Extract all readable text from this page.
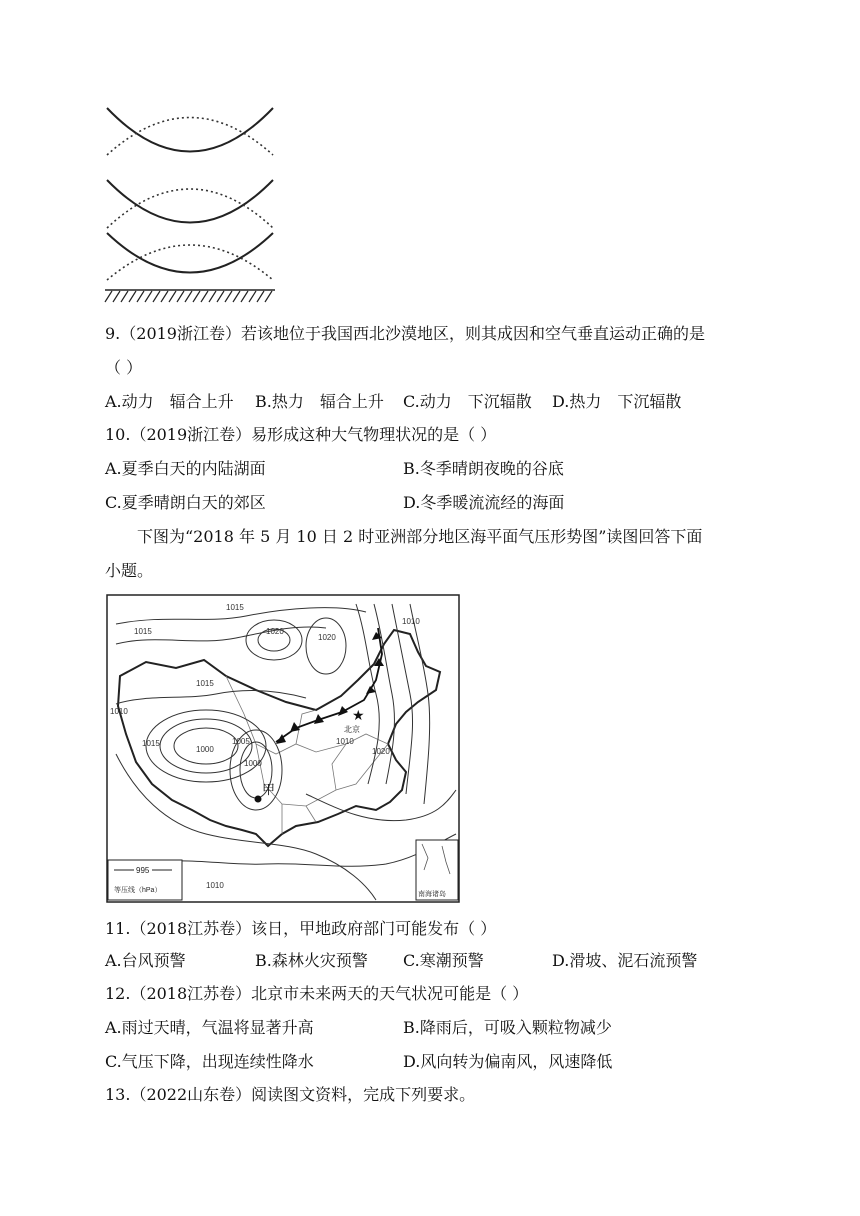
9.（2019浙江卷）若该地位于我国西北沙漠地区，则其成因和空气垂直运动正确的是
（ ）
A.动力　辐合上升 B.热力　辐合上升 C.动力　下沉辐散 D.热力　下沉辐散
10.（2019浙江卷）易形成这种大气物理状况的是（ ）
A.夏季白天的内陆湖面	B.冬季晴朗夜晚的谷底
C.夏季晴朗白天的郊区	D.冬季暖流流经的海面
下图为“2018 年 5 月 10 日 2 时亚洲部分地区海平面气压形势图”读图回答下面
小题。
1015
1015	1020
1020
1010
1015
1010
1015
1000
1005
1000
1010
1020
1010
★
北京
甲
995
等压线（hPa）
南海诸岛
11.（2018江苏卷）该日，甲地政府部门可能发布（ ）
A.台风预警	B.森林火灾预警 C.寒潮预警	D.滑坡、泥石流预警
12.（2018江苏卷）北京市未来两天的天气状况可能是（ ）
A.雨过天晴，气温将显著升高	B.降雨后，可吸入颗粒物减少
C.气压下降，出现连续性降水	D.风向转为偏南风，风速降低
13.（2022山东卷）阅读图文资料，完成下列要求。
